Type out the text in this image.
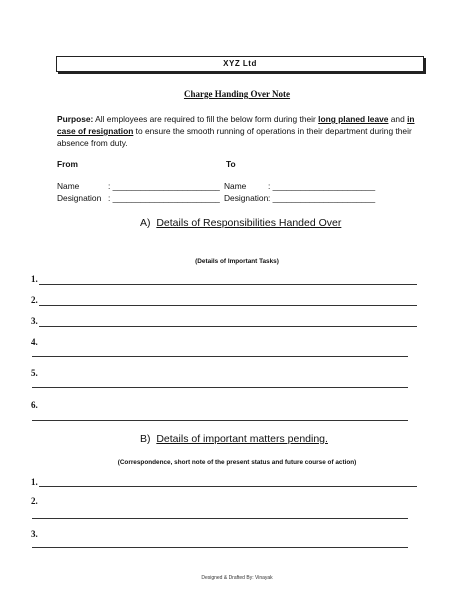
XYZ Ltd
Charge Handing Over Note
Purpose: All employees are required to fill the below form during their long planed leave and in case of resignation to ensure the smooth running of operations in their department during their absence from duty.
From	To
Name	: _______________________
Designation : _______________________
Name	: ______________________
Designation : ______________________
A) Details of Responsibilities Handed Over
(Details of Important Tasks)
1.
2.
3.
4.
5.
6.
B) Details of important matters pending.
(Correspondence, short note of the present status and future course of action)
1.
2.
3.
Designed & Drafted By: Vinayak
